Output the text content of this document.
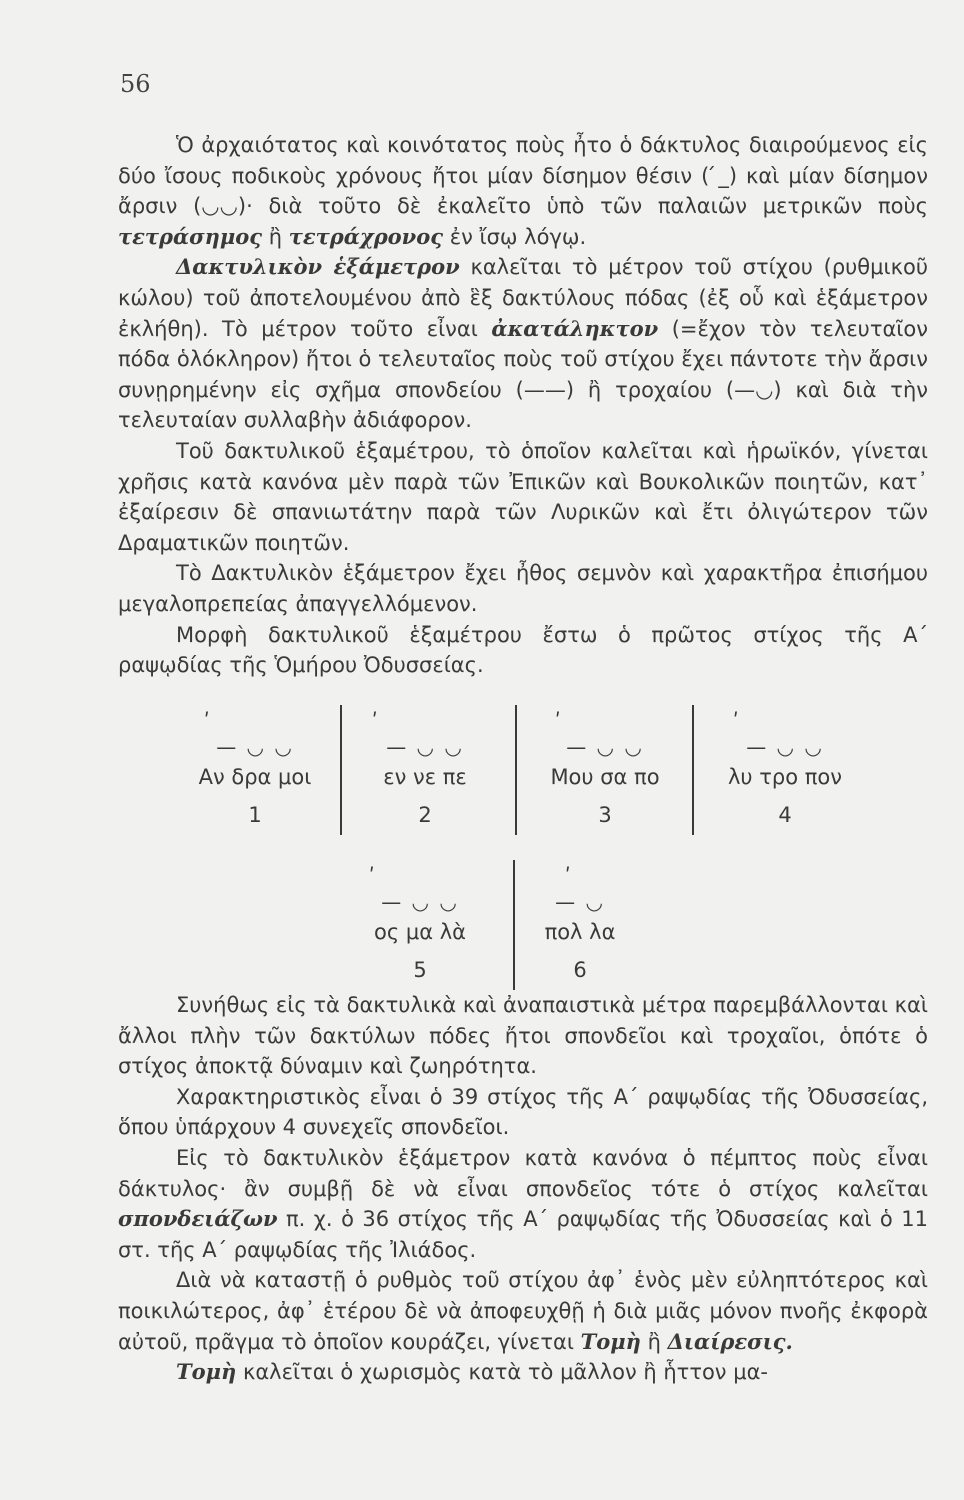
56

Ὁ ἀρχαιότατος καὶ κοινότατος ποὺς ἦτο ὁ δάκτυλος διαιρούμενος εἰς δύο ἴσους ποδικοὺς χρόνους ἤτοι μίαν δίσημον θέσιν ( ́_) καὶ μίαν δίσημον ἄρσιν (◡◡)· διὰ τοῦτο δὲ ἐκαλεῖτο ὑπὸ τῶν παλαιῶν μετρικῶν ποὺς τετράσημος ἢ τετράχρονος ἐν ἴσῳ λόγῳ.

Δακτυλικὸν ἑξάμετρον καλεῖται τὸ μέτρον τοῦ στίχου (ρυθμικοῦ κώλου) τοῦ ἀποτελουμένου ἀπὸ ἓξ δακτύλους πόδας (ἐξ οὗ καὶ ἑξάμετρον ἐκλήθη). Τὸ μέτρον τοῦτο εἶναι ἀκατάληκτον (=ἔχον τὸν τελευταῖον πόδα ὁλόκληρον) ἤτοι ὁ τελευταῖος ποὺς τοῦ στίχου ἔχει πάντοτε τὴν ἄρσιν συνῃρημένην εἰς σχῆμα σπονδείου (——) ἢ τροχαίου (—◡) καὶ διὰ τὴν τελευταίαν συλλαβὴν ἀδιάφορον.

Τοῦ δακτυλικοῦ ἑξαμέτρου, τὸ ὁποῖον καλεῖται καὶ ἡρωϊκόν, γίνεται χρῆσις κατὰ κανόνα μὲν παρὰ τῶν Ἐπικῶν καὶ Βουκολικῶν ποιητῶν, κατ᾽ ἐξαίρεσιν δὲ σπανιωτάτην παρὰ τῶν Λυρικῶν καὶ ἔτι ὀλιγώτερον τῶν Δραματικῶν ποιητῶν.

Τὸ Δακτυλικὸν ἑξάμετρον ἔχει ἦθος σεμνὸν καὶ χαρακτῆρα ἐπισήμου μεγαλοπρεπείας ἀπαγγελλόμενον.

Μορφὴ δακτυλικοῦ ἑξαμέτρου ἔστω ὁ πρῶτος στίχος τῆς Α΄ ραψῳδίας τῆς Ὁμήρου Ὀδυσσείας.

ʹ
— ◡ ◡
Αν δρα μοι
1
ʹ
— ◡ ◡
εν νε πε
2
ʹ
— ◡ ◡
Μου σα πο
3
ʹ
— ◡ ◡
λυ τρο πον
4
ʹ
— ◡ ◡
ος μα λὰ
5
ʹ
— ◡
πολ λα
6

Συνήθως εἰς τὰ δακτυλικὰ καὶ ἀναπαιστικὰ μέτρα παρεμβάλλονται καὶ ἄλλοι πλὴν τῶν δακτύλων πόδες ἤτοι σπονδεῖοι καὶ τροχαῖοι, ὁπότε ὁ στίχος ἀποκτᾷ δύναμιν καὶ ζωηρότητα.

Χαρακτηριστικὸς εἶναι ὁ 39 στίχος τῆς Α΄ ραψῳδίας τῆς Ὀδυσσείας, ὅπου ὑπάρχουν 4 συνεχεῖς σπονδεῖοι.

Εἰς τὸ δακτυλικὸν ἑξάμετρον κατὰ κανόνα ὁ πέμπτος ποὺς εἶναι δάκτυλος· ἂν συμβῇ δὲ νὰ εἶναι σπονδεῖος τότε ὁ στίχος καλεῖται σπονδειάζων π. χ. ὁ 36 στίχος τῆς Α΄ ραψῳδίας τῆς Ὀδυσσείας καὶ ὁ 11 στ. τῆς Α΄ ραψῳδίας τῆς Ἰλιάδος.

Διὰ νὰ καταστῇ ὁ ρυθμὸς τοῦ στίχου ἀφ᾽ ἑνὸς μὲν εὐληπτότερος καὶ ποικιλώτερος, ἀφ᾽ ἑτέρου δὲ νὰ ἀποφευχθῇ ἡ διὰ μιᾶς μόνον πνοῆς ἐκφορὰ αὐτοῦ, πρᾶγμα τὸ ὁποῖον κουράζει, γίνεται Τομὴ ἢ Διαίρεσις.

Τομὴ καλεῖται ὁ χωρισμὸς κατὰ τὸ μᾶλλον ἢ ἧττον μα-
